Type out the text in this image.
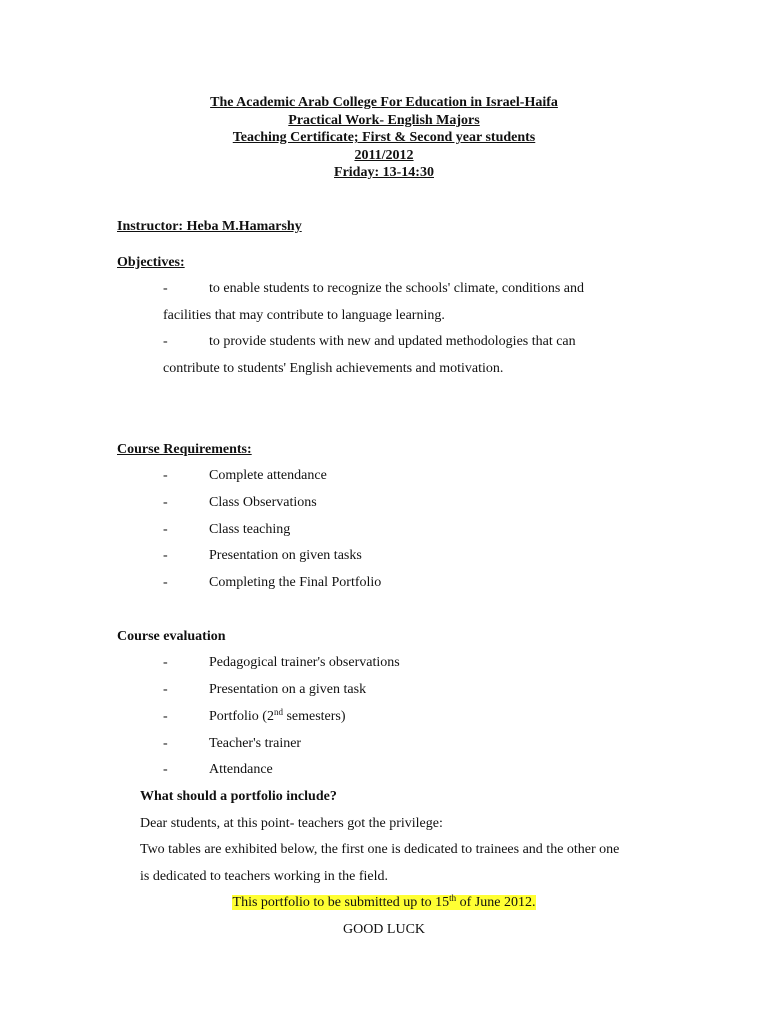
The Academic Arab College For Education in Israel-Haifa
Practical Work- English Majors
Teaching Certificate; First & Second year students
2011/2012
Friday: 13-14:30
Instructor: Heba M.Hamarshy
Objectives:
-	to enable students to recognize the schools' climate, conditions and
facilities that may contribute to language learning.
-	to provide students with new and updated methodologies that can
contribute to students' English achievements and motivation.
Course Requirements:
-	Complete attendance
-	Class Observations
-	Class teaching
-	Presentation on given tasks
-	Completing the Final Portfolio
Course evaluation
-	Pedagogical trainer's observations
-	Presentation on a given task
-	Portfolio (2nd semesters)
-	Teacher's trainer
-	Attendance
What should a portfolio include?
Dear students, at this point- teachers got the privilege:
Two tables are exhibited below, the first one is dedicated to trainees and the other one
is dedicated to teachers working in the field.
This portfolio to be submitted up to 15th of June 2012.
GOOD LUCK
